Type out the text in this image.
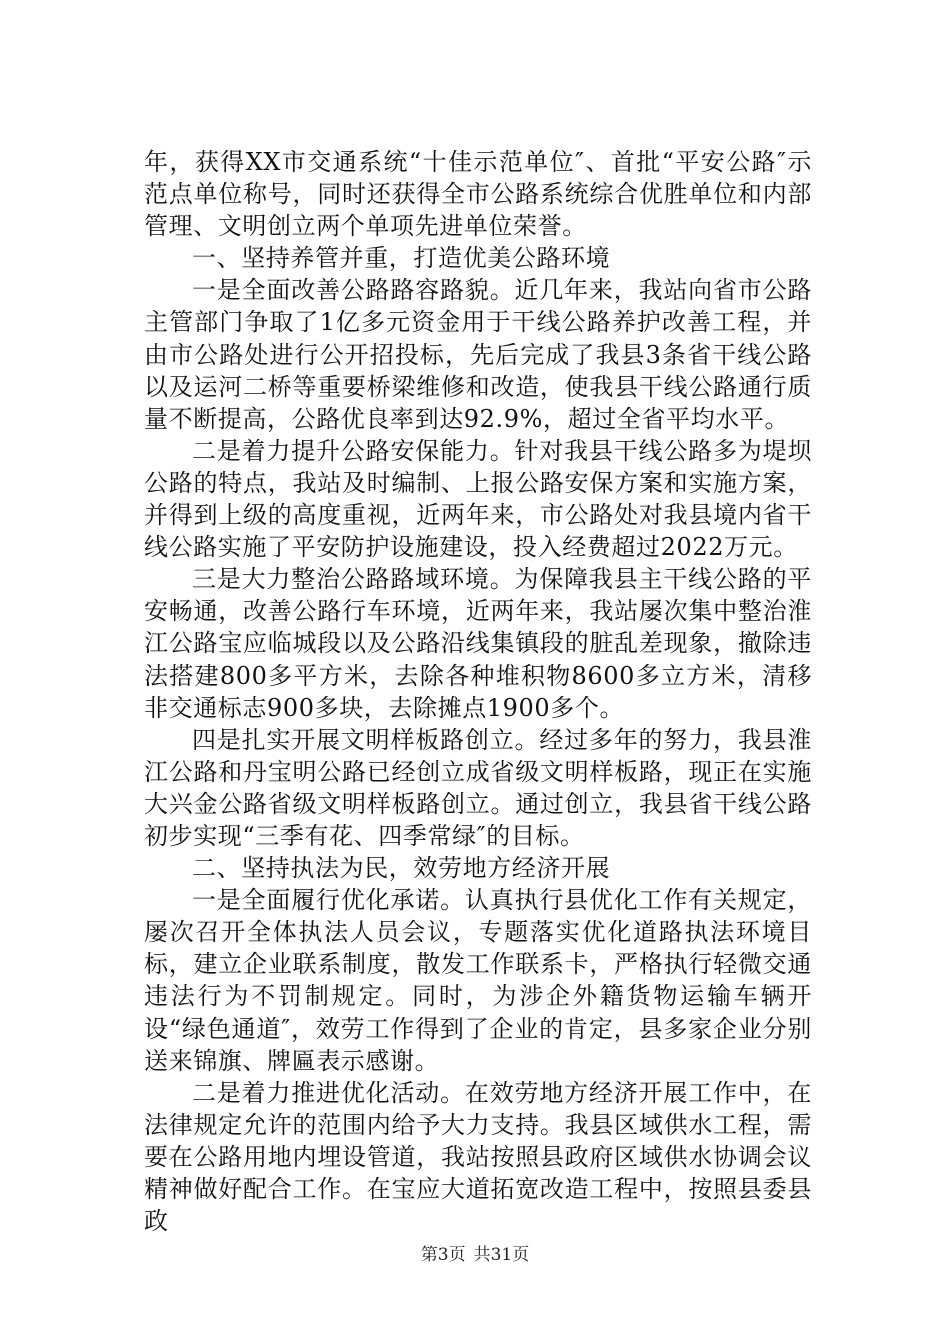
年，获得XX市交通系统“十佳示范单位″、首批“平安公路″示范点单位称号，同时还获得全市公路系统综合优胜单位和内部管理、文明创立两个单项先进单位荣誉。

一、坚持养管并重，打造优美公路环境

一是全面改善公路路容路貌。近几年来，我站向省市公路主管部门争取了1亿多元资金用于干线公路养护改善工程，并由市公路处进行公开招投标，先后完成了我县3条省干线公路以及运河二桥等重要桥梁维修和改造，使我县干线公路通行质量不断提高，公路优良率到达92.9%，超过全省平均水平。

二是着力提升公路安保能力。针对我县干线公路多为堤坝公路的特点，我站及时编制、上报公路安保方案和实施方案，并得到上级的高度重视，近两年来，市公路处对我县境内省干线公路实施了平安防护设施建设，投入经费超过2022万元。

三是大力整治公路路域环境。为保障我县主干线公路的平安畅通，改善公路行车环境，近两年来，我站屡次集中整治淮江公路宝应临城段以及公路沿线集镇段的脏乱差现象，撤除违法搭建800多平方米，去除各种堆积物8600多立方米，清移非交通标志900多块，去除摊点1900多个。

四是扎实开展文明样板路创立。经过多年的努力，我县淮江公路和丹宝明公路已经创立成省级文明样板路，现正在实施大兴金公路省级文明样板路创立。通过创立，我县省干线公路初步实现“三季有花、四季常绿″的目标。

二、坚持执法为民，效劳地方经济开展

一是全面履行优化承诺。认真执行县优化工作有关规定，屡次召开全体执法人员会议，专题落实优化道路执法环境目标，建立企业联系制度，散发工作联系卡，严格执行轻微交通违法行为不罚制规定。同时，为涉企外籍货物运输车辆开设“绿色通道″，效劳工作得到了企业的肯定，县多家企业分别送来锦旗、牌匾表示感谢。

二是着力推进优化活动。在效劳地方经济开展工作中，在法律规定允许的范围内给予大力支持。我县区域供水工程，需要在公路用地内埋设管道，我站按照县政府区域供水协调会议精神做好配合工作。在宝应大道拓宽改造工程中，按照县委县政

第3页 共31页
